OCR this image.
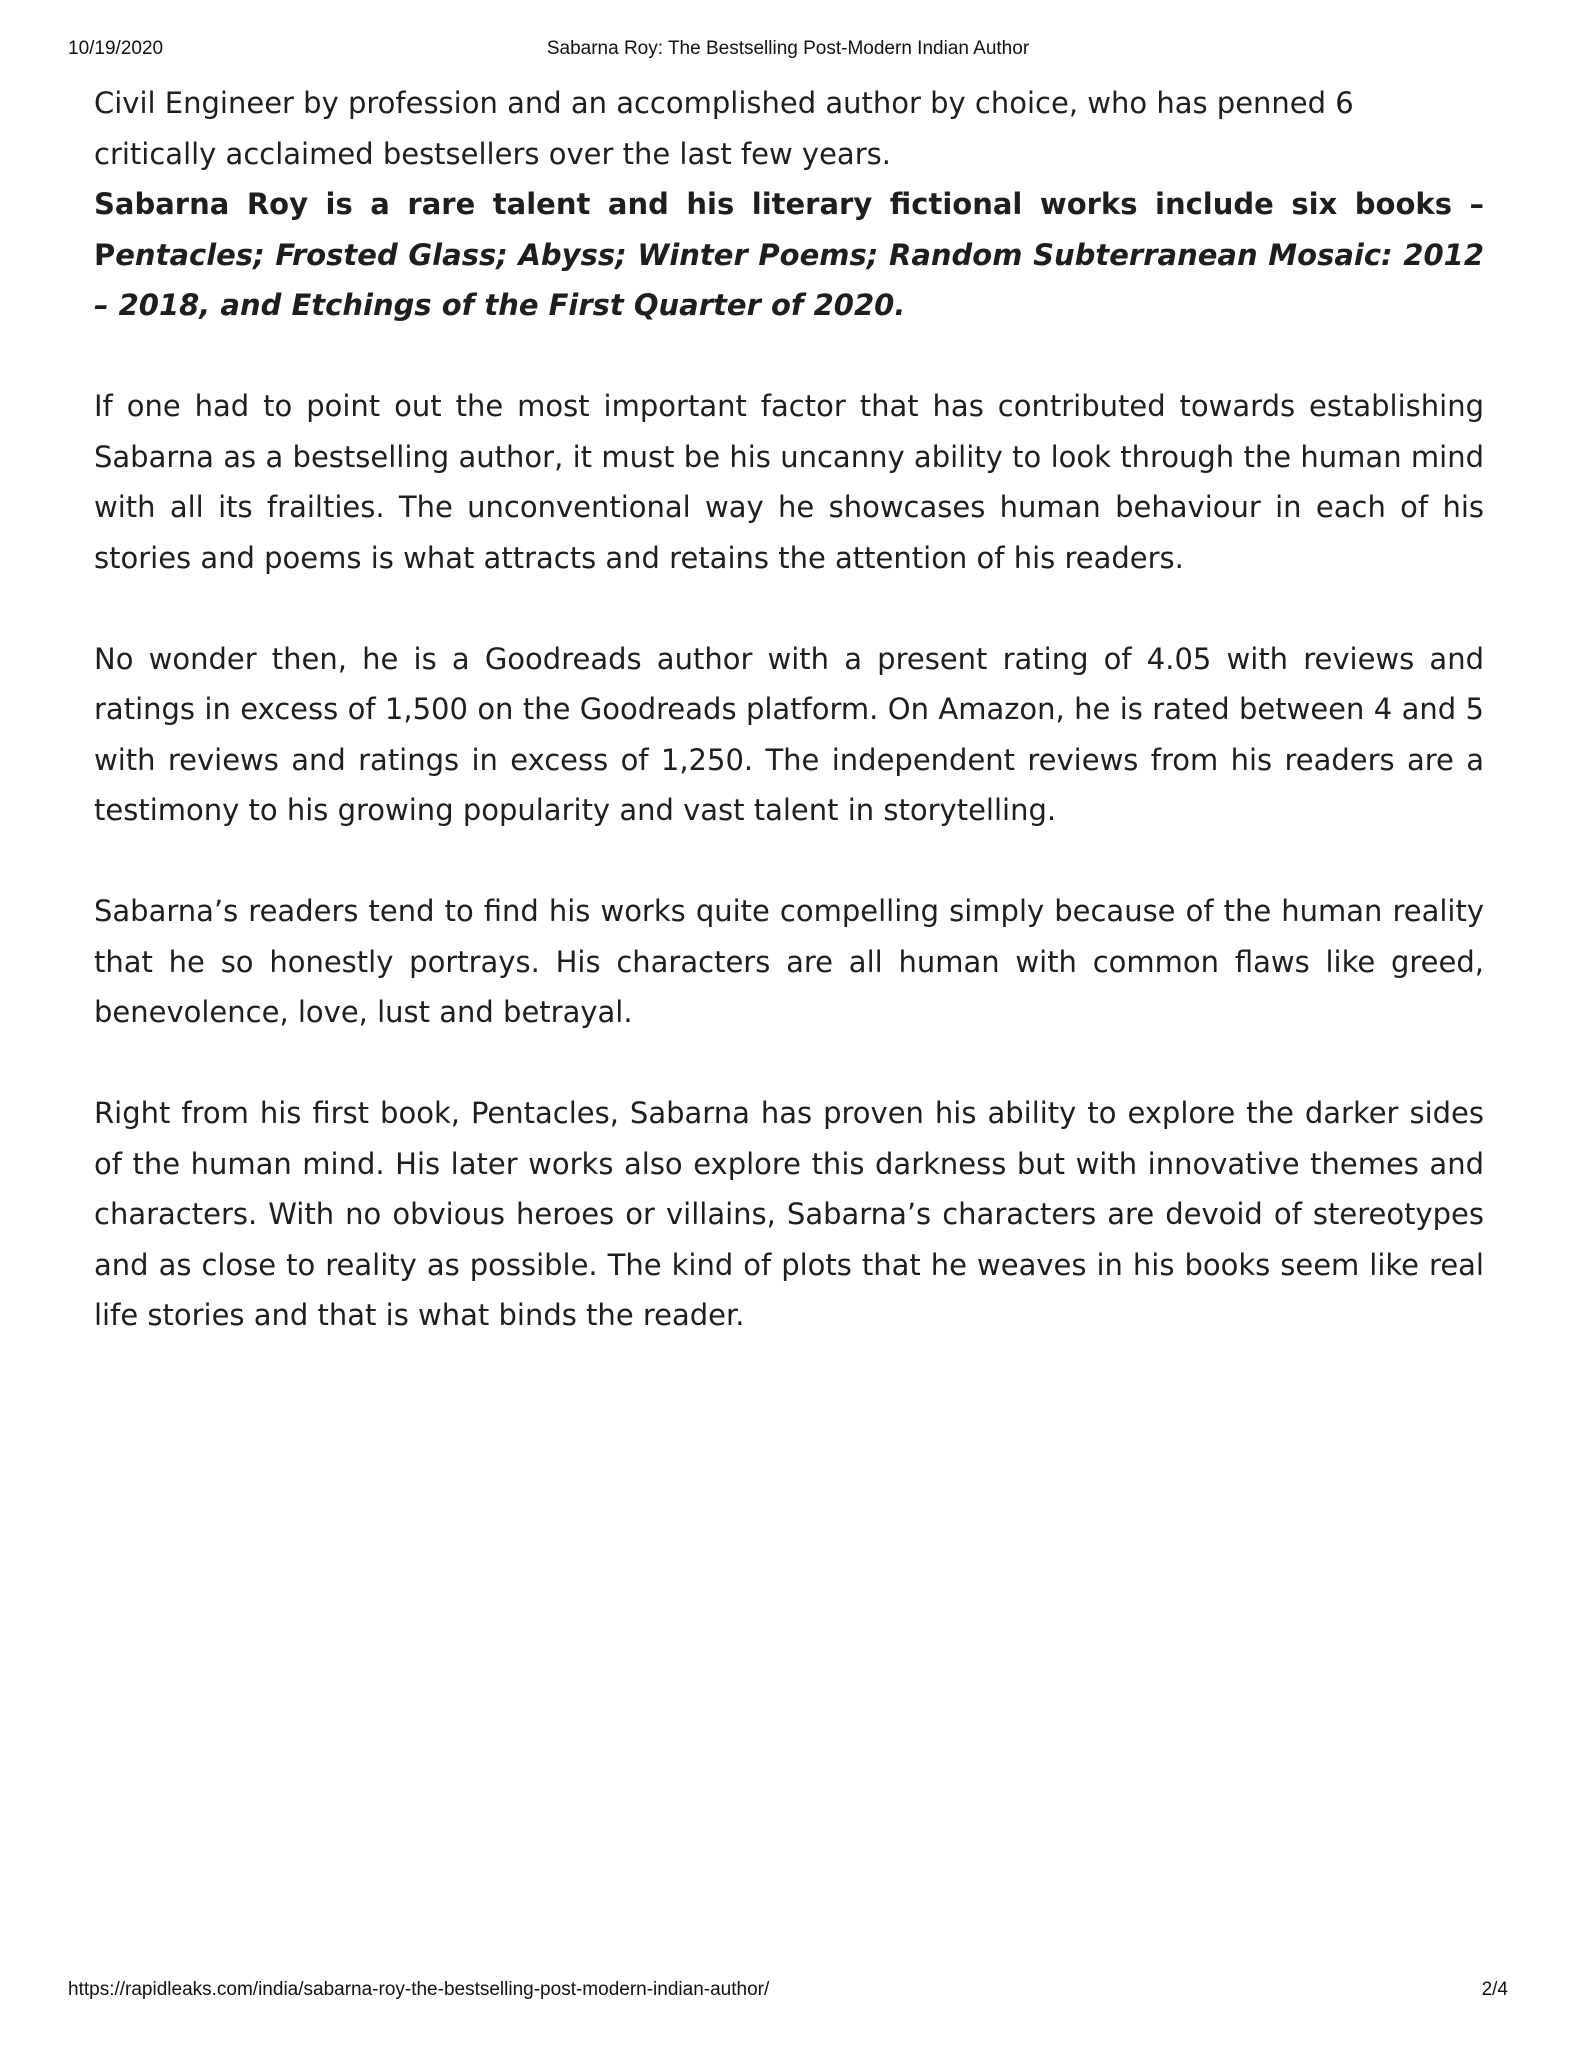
10/19/2020	Sabarna Roy: The Bestselling Post-Modern Indian Author

Civil Engineer by profession and an accomplished author by choice, who has penned 6 critically acclaimed bestsellers over the last few years.

Sabarna Roy is a rare talent and his literary fictional works include six books – Pentacles; Frosted Glass; Abyss; Winter Poems; Random Subterranean Mosaic: 2012 – 2018, and Etchings of the First Quarter of 2020.

If one had to point out the most important factor that has contributed towards establishing Sabarna as a bestselling author, it must be his uncanny ability to look through the human mind with all its frailties. The unconventional way he showcases human behaviour in each of his stories and poems is what attracts and retains the attention of his readers.

No wonder then, he is a Goodreads author with a present rating of 4.05 with reviews and ratings in excess of 1,500 on the Goodreads platform. On Amazon, he is rated between 4 and 5 with reviews and ratings in excess of 1,250. The independent reviews from his readers are a testimony to his growing popularity and vast talent in storytelling.

Sabarna’s readers tend to find his works quite compelling simply because of the human reality that he so honestly portrays. His characters are all human with common flaws like greed, benevolence, love, lust and betrayal.

Right from his first book, Pentacles, Sabarna has proven his ability to explore the darker sides of the human mind. His later works also explore this darkness but with innovative themes and characters. With no obvious heroes or villains, Sabarna’s characters are devoid of stereotypes and as close to reality as possible. The kind of plots that he weaves in his books seem like real life stories and that is what binds the reader.

https://rapidleaks.com/india/sabarna-roy-the-bestselling-post-modern-indian-author/	2/4
